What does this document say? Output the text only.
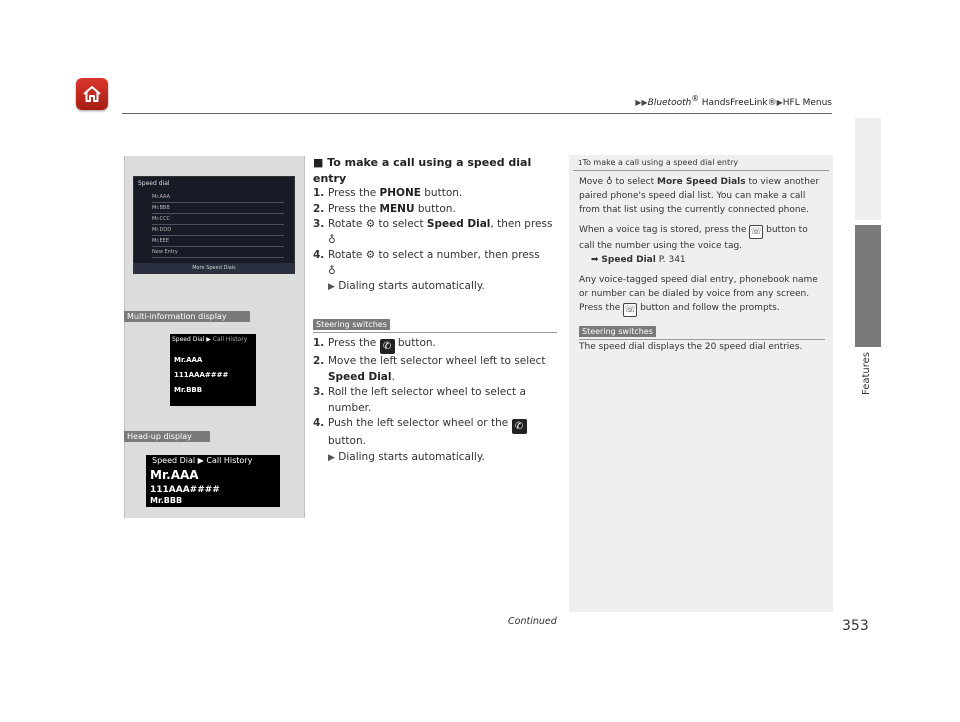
▶▶Bluetooth® HandsFreeLink®▶HFL Menus
Features
Speed dial
Mr.AAA
Mr.BBB
Mr.CCC
Mr.DDD
Mr.EEE
New Entry
More Speed Dials
Multi-information display
Speed Dial ▶ Call History
Mr.AAA
111AAA####
Mr.BBB
Head-up display
Speed Dial ▶ Call History
Mr.AAA
111AAA####
Mr.BBB
■ To make a call using a speed dial entry
1. Press the PHONE button.
2. Press the MENU button.
3. Rotate ⚙ to select Speed Dial, then press
♁
4. Rotate ⚙ to select a number, then press
♁
▶ Dialing starts automatically.
Steering switches
1. Press the ✆ button.
2. Move the left selector wheel left to select
Speed Dial.
3. Roll the left selector wheel to select a
number.
4. Push the left selector wheel or the ✆
button.
▶ Dialing starts automatically.
1To make a call using a speed dial entry

Move ♁ to select More Speed Dials to view another paired phone's speed dial list. You can make a call from that list using the currently connected phone.

When a voice tag is stored, press the ☏ button to call the number using the voice tag.

➡ Speed Dial P. 341

Any voice-tagged speed dial entry, phonebook name or number can be dialed by voice from any screen. Press the ☏ button and follow the prompts.

Steering switches

The speed dial displays the 20 speed dial entries.

Continued	353
